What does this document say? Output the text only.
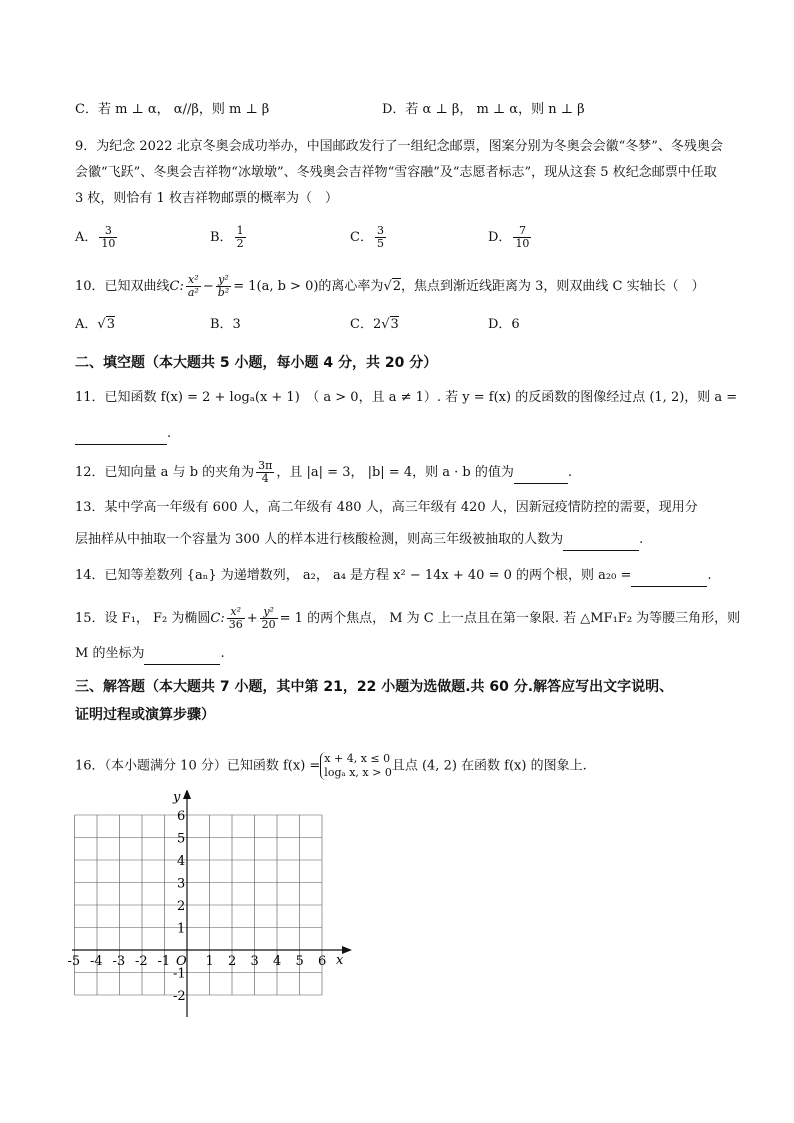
C．若 m ⊥ α， α//β，则 m ⊥ β	D．若 α ⊥ β， m ⊥ α，则 n ⊥ β
9．为纪念 2022 北京冬奥会成功举办，中国邮政发行了一组纪念邮票，图案分别为冬奥会会徽“冬梦”、冬残奥会会徽“飞跃”、冬奥会吉祥物“冰墩墩”、冬残奥会吉祥物“雪容融”及“志愿者标志”，现从这套 5 枚纪念邮票中任取 3 枚，则恰有 1 枚吉祥物邮票的概率为（　）
A． $\frac{3}{10}$	B． $\frac{1}{2}$	C． $\frac{3}{5}$	D． $\frac{7}{10}$
10．已知双曲线C: $\frac{\text{x²}}{\text{a²}} - \frac{\text{y²}}{\text{b²}} = 1(a$, b > 0)的离心率为√2，焦点到渐近线距离为 3，则双曲线 C 实轴长（　）
A．√3	B．3	C．2√3	D．6
二、填空题（本大题共 5 小题，每小题 4 分，共 20 分）
11．已知函数 f(x) = 2 + logₐ(x + 1)　（ a > 0，且 a ≠ 1）. 若 y = f(x) 的反函数的图像经过点 (1, 2)，则 a =
.
12．已知向量 a 与 b 的夹角为 $\frac{3\pi}{4}$ ，且 |a| = 3， |b| = 4，则 a · b 的值为	.
13．某中学高一年级有 600 人，高二年级有 480 人，高三年级有 420 人，因新冠疫情防控的需要，现用分
层抽样从中抽取一个容量为 300 人的样本进行核酸检测，则高三年级被抽取的人数为	.
14．已知等差数列 {aₙ} 为递增数列， a₂， a₄ 是方程 x² − 14x + 40 = 0 的两个根，则 a₂₀ =	.
15．设 F₁， F₂ 为椭圆C: $\frac{\text{x²}}{36} + \frac{\text{y²}}{20} = 1$ 的两个焦点， M 为 C 上一点且在第一象限. 若 △MF₁F₂ 为等腰三角形，则
M 的坐标为	.
三、解答题（本大题共 7 小题，其中第 21，22 小题为选做题.共 60 分.解答应写出文字说明、
证明过程或演算步骤）
16．（本小题满分 10 分）已知函数 f(x) = x + 4, x ≤ 0
logₐ x, x > 0 且点 (4, 2) 在函数 f(x) 的图象上.
x
y
O
-5 -4 -3 -2 -1	1 2 3 4 5 6
6
5
4
3
2
1
-1
-2
